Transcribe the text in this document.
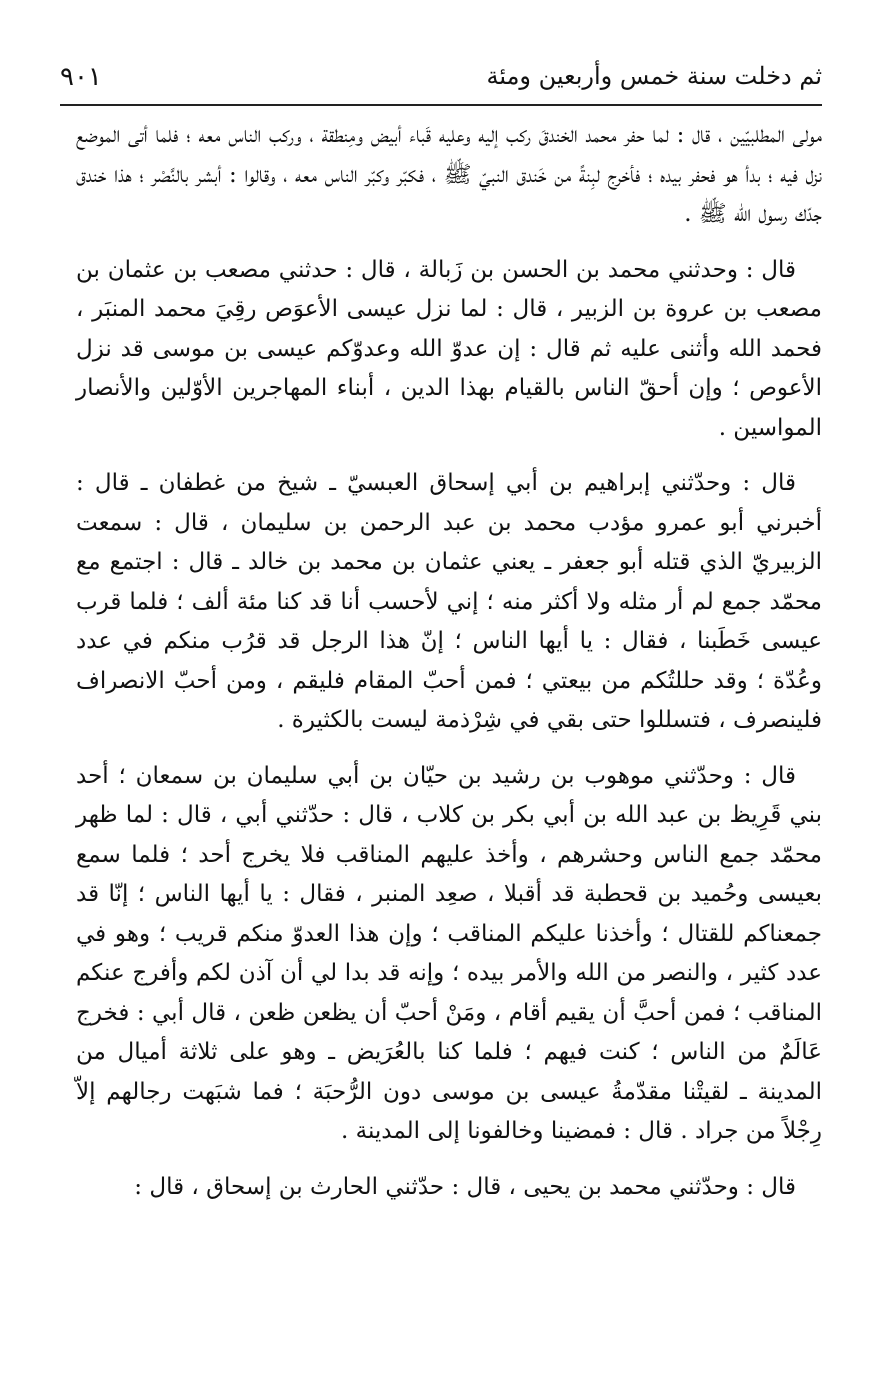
ثم دخلت سنة خمس وأربعين ومئة
٩٠١

مولى المطلبيّين ، قال : لما حفر محمد الخندقَ ركب إليه وعليه قَباء أبيض ومِنطقة ، وركب الناس معه ؛ فلما أتى الموضع نزل فيه ؛ بدأ هو فحفر بيده ؛ فأخرج لبِنةً من خَندق النبيّ ﷺ ، فكبّر وكبّر الناس معه ، وقالوا : أبشر بالنَّصْر ؛ هذا خندق جدّك رسول الله ﷺ .

قال : وحدثني محمد بن الحسن بن زَبالة ، قال : حدثني مصعب بن عثمان بن مصعب بن عروة بن الزبير ، قال : لما نزل عيسى الأعوَص رقِيَ محمد المنبَر ، فحمد الله وأثنى عليه ثم قال : إن عدوّ الله وعدوّكم عيسى بن موسى قد نزل الأعوص ؛ وإن أحقّ الناس بالقيام بهذا الدين ، أبناء المهاجرين الأوّلين والأنصار المواسين .

قال : وحدّثني إبراهيم بن أبي إسحاق العبسيّ ـ شيخ من غطفان ـ قال : أخبرني أبو عمرو مؤدب محمد بن عبد الرحمن بن سليمان ، قال : سمعت الزبيريّ الذي قتله أبو جعفر ـ يعني عثمان بن محمد بن خالد ـ قال : اجتمع مع محمّد جمع لم أر مثله ولا أكثر منه ؛ إني لأحسب أنا قد كنا مئة ألف ؛ فلما قرب عيسى خَطَبنا ، فقال : يا أيها الناس ؛ إنّ هذا الرجل قد قرُب منكم في عدد وعُدّة ؛ وقد حللتُكم من بيعتي ؛ فمن أحبّ المقام فليقم ، ومن أحبّ الانصراف فلينصرف ، فتسللوا حتى بقي في شِرْذمة ليست بالكثيرة .

قال : وحدّثني موهوب بن رشيد بن حيّان بن أبي سليمان بن سمعان ؛ أحد بني قَرِيظ بن عبد الله بن أبي بكر بن كلاب ، قال : حدّثني أبي ، قال : لما ظهر محمّد جمع الناس وحشرهم ، وأخذ عليهم المناقب فلا يخرج أحد ؛ فلما سمع بعيسى وحُميد بن قحطبة قد أقبلا ، صعِد المنبر ، فقال : يا أيها الناس ؛ إنّا قد جمعناكم للقتال ؛ وأخذنا عليكم المناقب ؛ وإن هذا العدوّ منكم قريب ؛ وهو في عدد كثير ، والنصر من الله والأمر بيده ؛ وإنه قد بدا لي أن آذن لكم وأفرج عنكم المناقب ؛ فمن أحبَّ أن يقيم أقام ، ومَنْ أحبّ أن يظعن ظعن ، قال أبي : فخرج عَالَمٌ من الناس ؛ كنت فيهم ؛ فلما كنا بالعُرَيض ـ وهو على ثلاثة أميال من المدينة ـ لقيتْنا مقدّمةُ عيسى بن موسى دون الرُّحبَة ؛ فما شبَهت رجالهم إلاّ رِجْلاً من جراد . قال : فمضينا وخالفونا إلى المدينة .

قال : وحدّثني محمد بن يحيى ، قال : حدّثني الحارث بن إسحاق ، قال :
